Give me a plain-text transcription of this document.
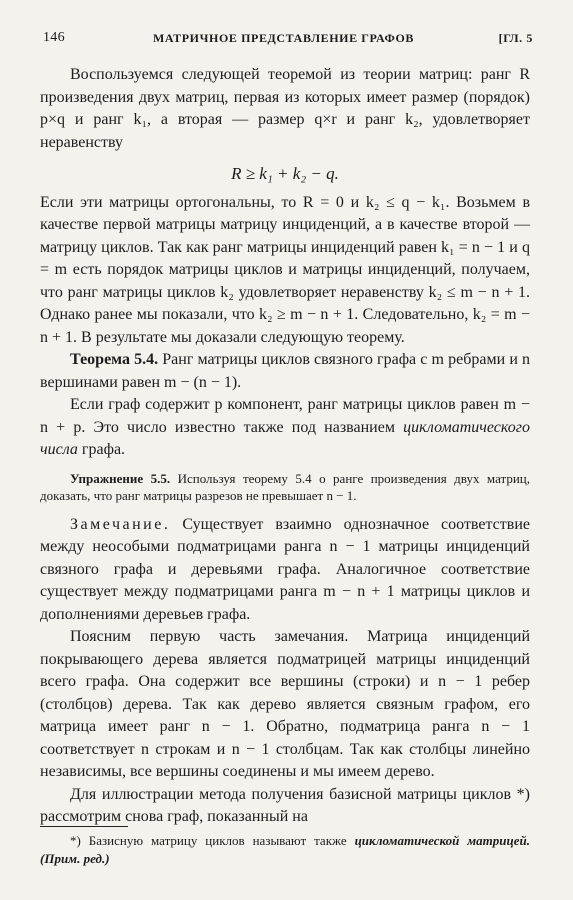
146	МАТРИЧНОЕ ПРЕДСТАВЛЕНИЕ ГРАФОВ	[ГЛ. 5

Воспользуемся следующей теоремой из теории матриц: ранг R произведения двух матриц, первая из которых имеет размер (порядок) p×q и ранг k₁, а вторая — размер q×r и ранг k₂, удовлетворяет неравенству

R ≥ k₁ + k₂ − q.

Если эти матрицы ортогональны, то R = 0 и k₂ ≤ q − k₁. Возьмем в качестве первой матрицы матрицу инциденций, а в качестве второй — матрицу циклов. Так как ранг матрицы инциденций равен k₁ = n − 1 и q = m есть порядок матрицы циклов и матрицы инциденций, получаем, что ранг матрицы циклов k₂ удовлетворяет неравенству k₂ ≤ m − n + 1. Однако ранее мы показали, что k₂ ≥ m − n + 1. Следовательно, k₂ = m − n + 1. В результате мы доказали следующую теорему.

Теорема 5.4. Ранг матрицы циклов связного графа с m ребрами и n вершинами равен m − (n − 1).

Если граф содержит p компонент, ранг матрицы циклов равен m − n + p. Это число известно также под названием цикломатического числа графа.

Упражнение 5.5. Используя теорему 5.4 о ранге произведения двух матриц, доказать, что ранг матрицы разрезов не превышает n − 1.

Замечание. Существует взаимно однозначное соответствие между неособыми подматрицами ранга n − 1 матрицы инциденций связного графа и деревьями графа. Аналогичное соответствие существует между подматрицами ранга m − n + 1 матрицы циклов и дополнениями деревьев графа.

Поясним первую часть замечания. Матрица инциденций покрывающего дерева является подматрицей матрицы инциденций всего графа. Она содержит все вершины (строки) и n − 1 ребер (столбцов) дерева. Так как дерево является связным графом, его матрица имеет ранг n − 1. Обратно, подматрица ранга n − 1 соответствует n строкам и n − 1 столбцам. Так как столбцы линейно независимы, все вершины соединены и мы имеем дерево.

Для иллюстрации метода получения базисной матрицы циклов *) рассмотрим снова граф, показанный на

*) Базисную матрицу циклов называют также цикломатической матрицей. (Прим. ред.)
